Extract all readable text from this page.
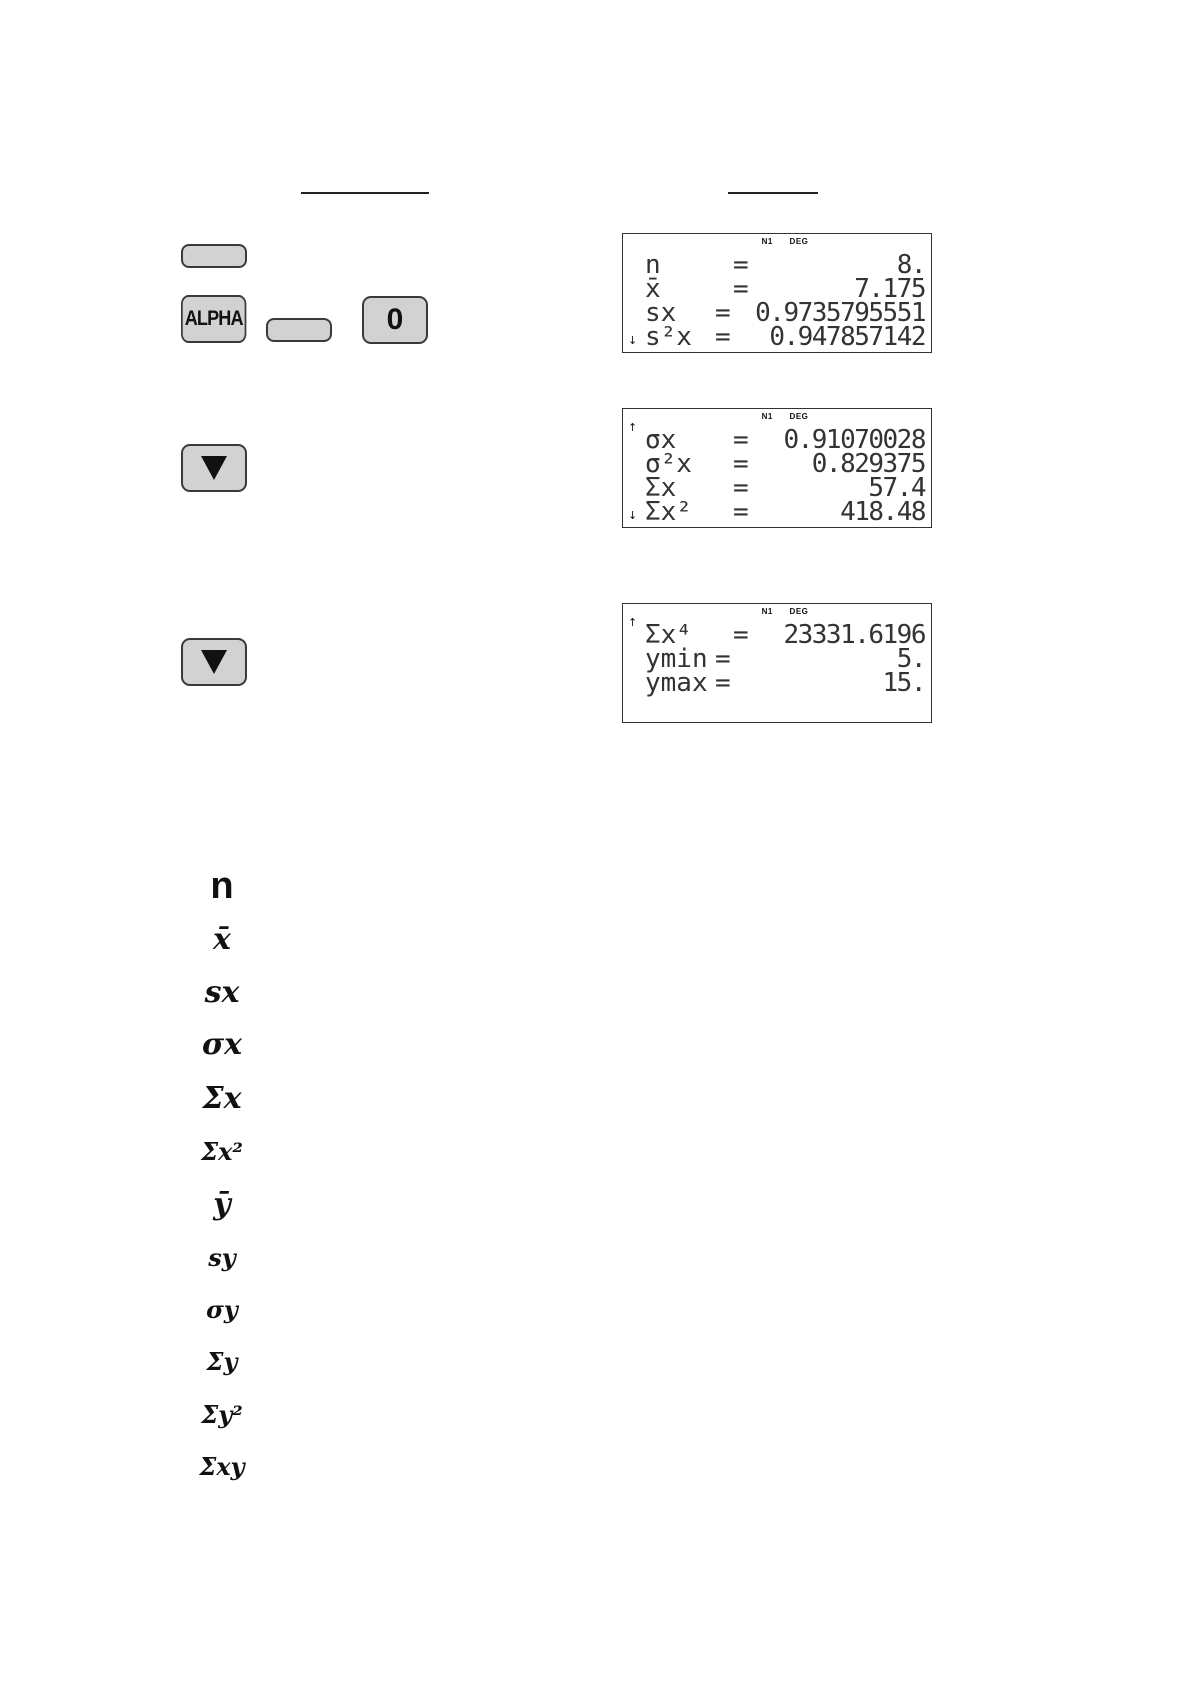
ALPHA	0
N1 DEG
n	=	8.
x̄	=	7.175
sx = 0.9735795551
s²x = 0.947857142
↓
N1 DEG
↑ σx = 0.91070028
σ²x = 0.829375
Σx =	57.4
Σx² =	418.48
↓
N1 DEG
↑ Σx⁴ = 23331.6196
ymin =	5.
ymax =	15.
n
x̄
sx
σx
Σx
Σx²
ȳ
sy
σy
Σy
Σy²
Σxy
